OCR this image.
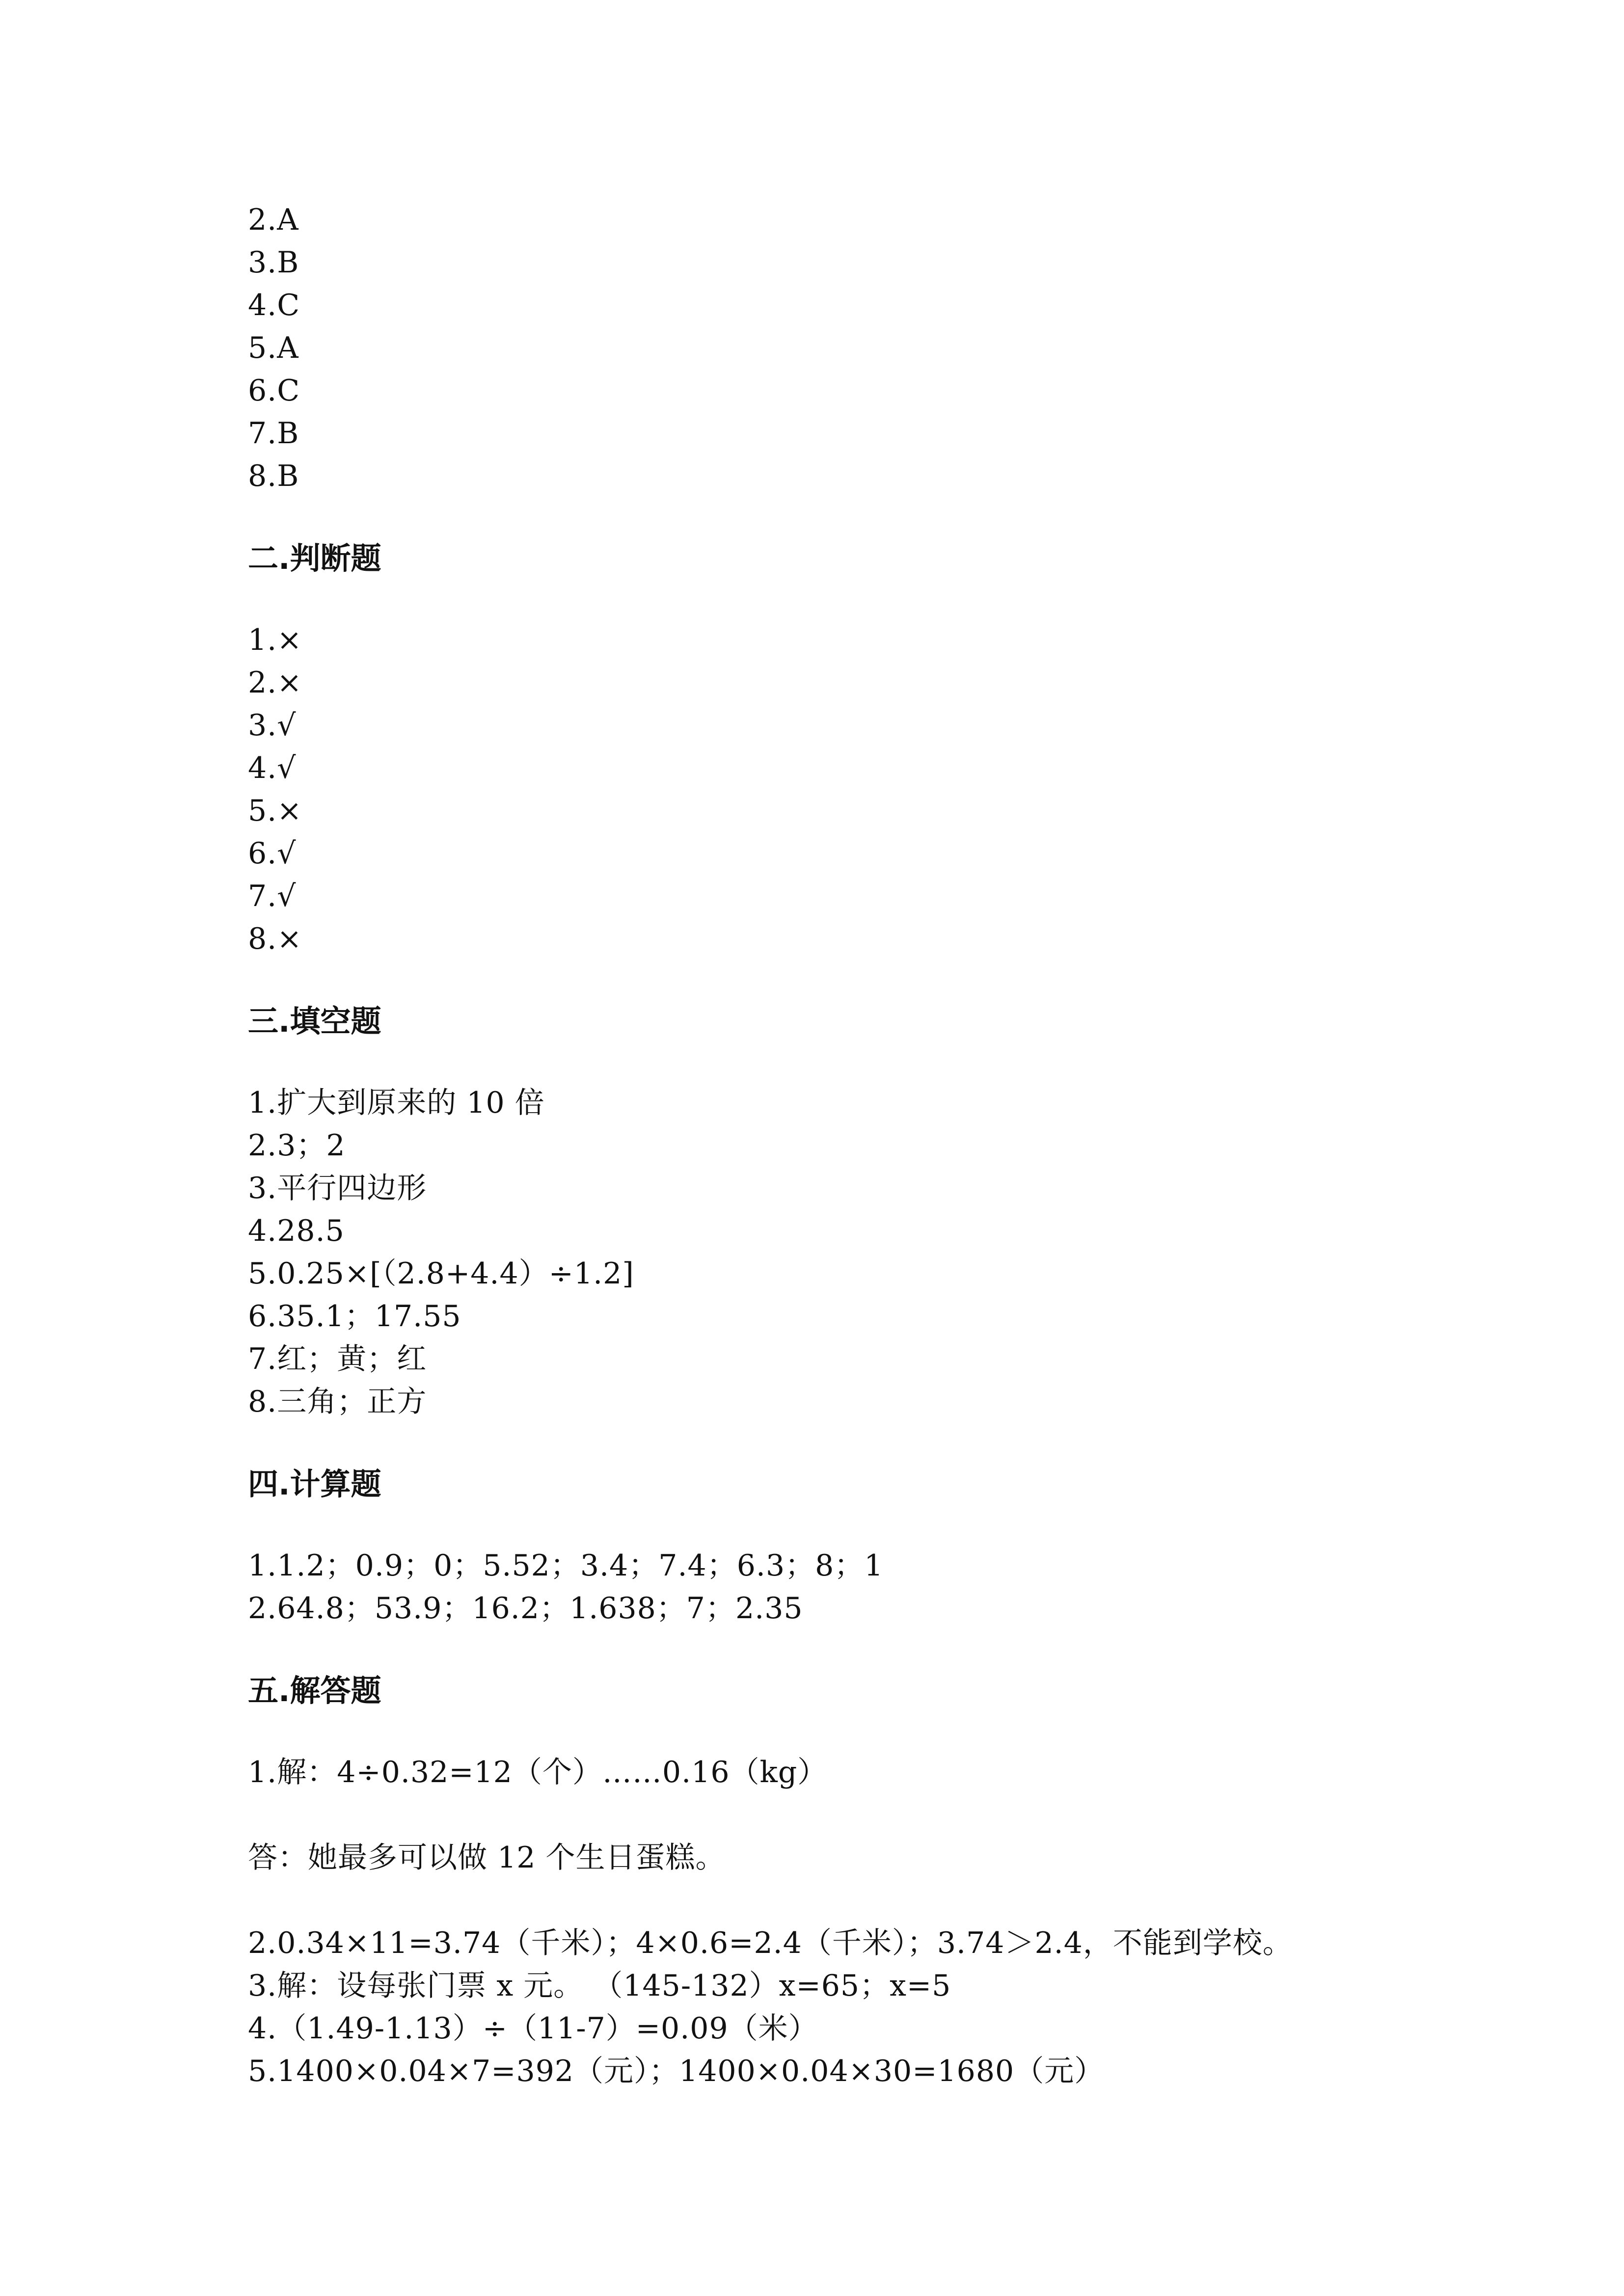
2.A
3.B
4.C
5.A
6.C
7.B
8.B
二.判断题
1.×
2.×
3.√
4.√
5.×
6.√
7.√
8.×
三.填空题
1.扩大到原来的 10 倍
2.3；2
3.平行四边形
4.28.5
5.0.25×[（2.8+4.4）÷1.2]
6.35.1；17.55
7.红；黄；红
8.三角；正方
四.计算题
1.1.2；0.9；0；5.52；3.4；7.4；6.3；8；1
2.64.8；53.9；16.2；1.638；7；2.35
五.解答题
1.解：4÷0.32=12（个）……0.16（kg）
答：她最多可以做 12 个生日蛋糕。
2.0.34×11=3.74（千米）；4×0.6=2.4（千米）；3.74＞2.4，不能到学校。
3.解：设每张门票 x 元。 （145-132）x=65；x=5
4.（1.49-1.13）÷（11-7）=0.09（米）
5.1400×0.04×7=392（元）；1400×0.04×30=1680（元）
